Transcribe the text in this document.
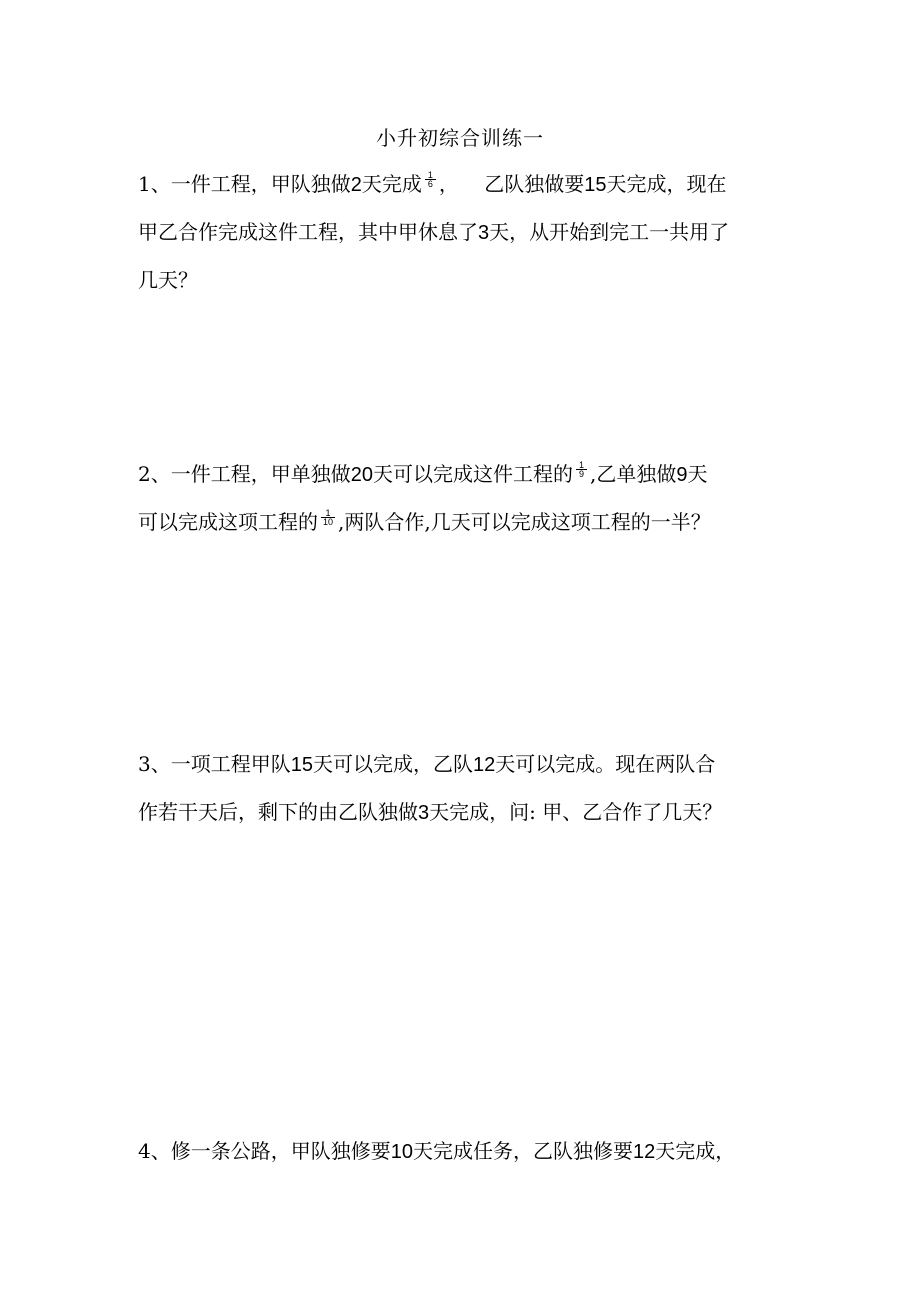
小升初综合训练一
1、一件工程，甲队独做2天完成 $\frac{1}{6}$ ，    乙队独做要15天完成，现在
甲乙合作完成这件工程，其中甲休息了3天，从开始到完工一共用了
几天？
2、一件工程，甲单独做20天可以完成这件工程的 $\frac{1}{9}$ ,乙单独做9天
可以完成这项工程的 $\frac{1}{10}$ ,两队合作,几天可以完成这项工程的一半？
3、一项工程甲队15天可以完成，乙队12天可以完成。现在两队合
作若干天后，剩下的由乙队独做3天完成，问: 甲、乙合作了几天？
4、修一条公路，甲队独修要10天完成任务，乙队独修要12天完成，
